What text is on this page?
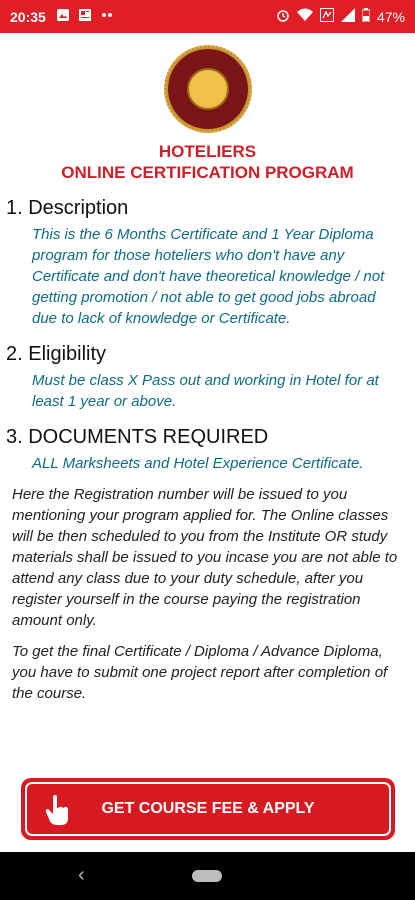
20:35	47%
HOTELIERS
ONLINE CERTIFICATION PROGRAM
1. Description
This is the 6 Months Certificate and 1 Year Diploma program for those hoteliers who don't have any Certificate and don't have theoretical knowledge / not getting promotion / not able to get good jobs abroad due to lack of knowledge or Certificate.
2. Eligibility
Must be class X Pass out and working in Hotel for at least 1 year or above.
3. DOCUMENTS REQUIRED
ALL Marksheets and Hotel Experience Certificate.
Here the Registration number will be issued to you mentioning your program applied for. The Online classes will be then scheduled to you from the Institute OR study materials shall be issued to you incase you are not able to attend any class due to your duty schedule, after you register yourself in the course paying the registration amount only.
To get the final Certificate / Diploma / Advance Diploma, you have to submit one project report after completion of the course.
GET COURSE FEE & APPLY
‹
